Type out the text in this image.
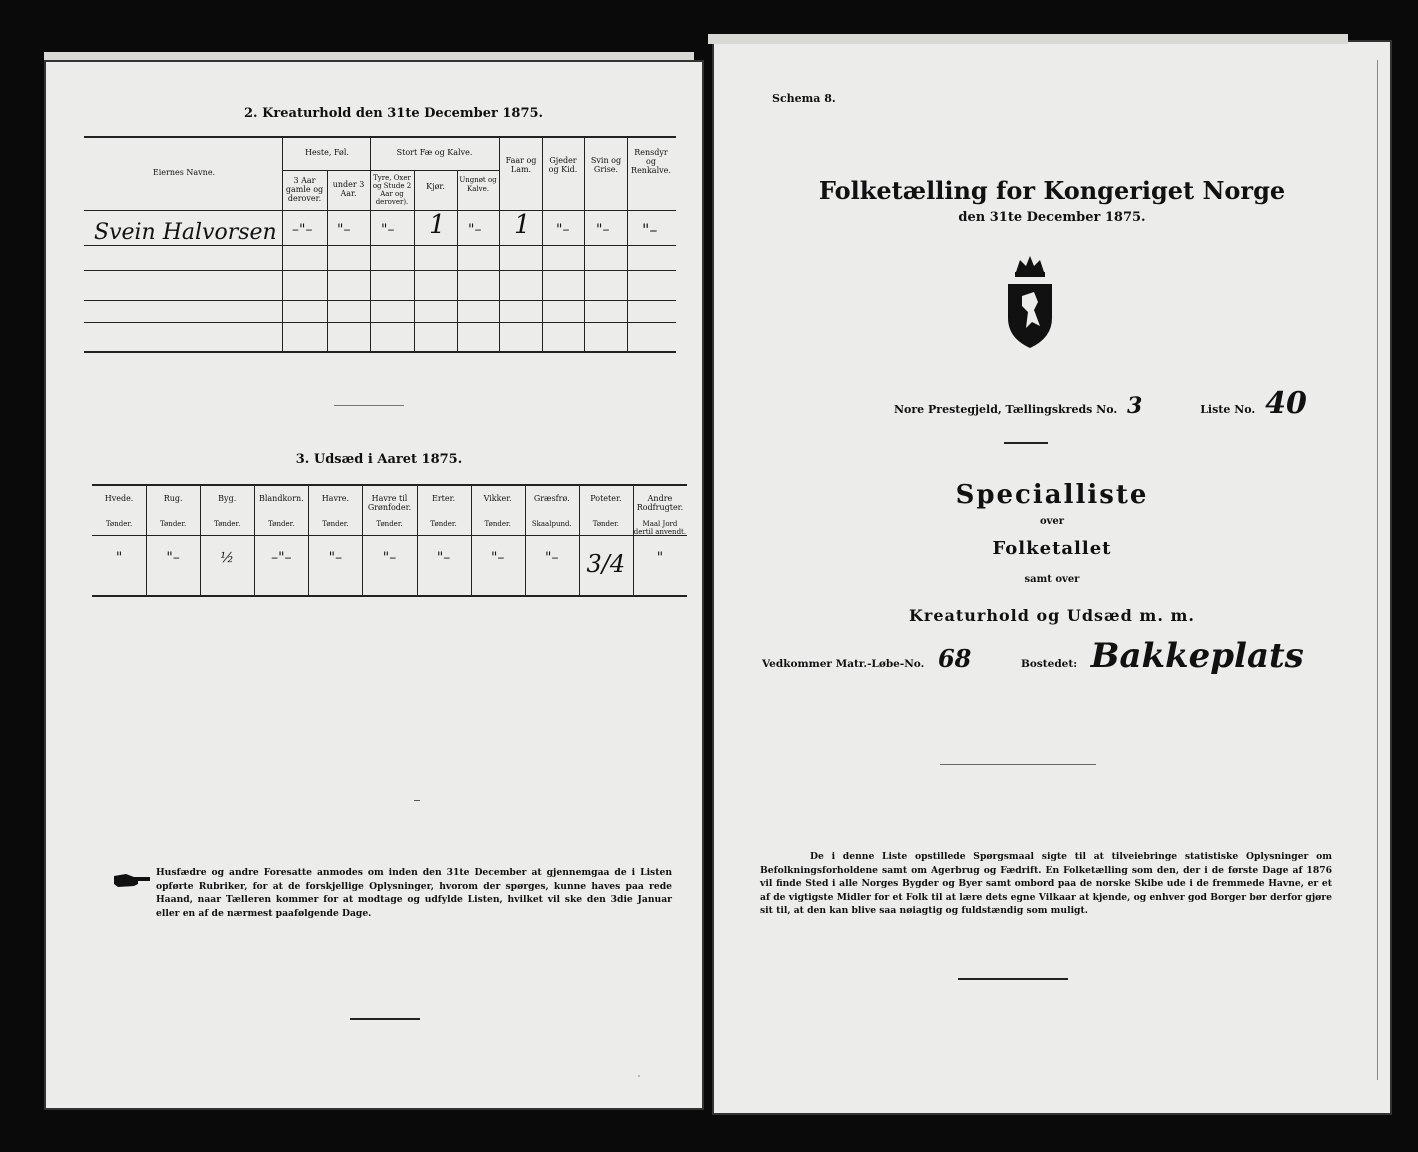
2. Kreaturhold den 31te December 1875.
Eiernes Navne.
Heste, Føl.
3 Aar gamle og derover.
under 3 Aar.
Stort Fæ og Kalve.
Tyre, Oxer og Stude 2 Aar og derover).
Kjør.
Ungnøt og Kalve.
Faar og Lam.
Gjeder og Kid.
Svin og Grise.
Rensdyr og Renkalve.
Svein Halvorsen –"– "– "– 1 "– 1 "– "– "–
3. Udsæd i Aaret 1875.
Hvede.
Tønder.
"
Rug.
Tønder.
"–
Byg.
Tønder.
½
Blandkorn.
Tønder.
–"–
Havre.
Tønder.
"–
Havre til Grønfoder.
Tønder.
"–
Erter.
Tønder.
"–
Vikker.
Tønder.
"–
Græsfrø.
Skaalpund.
"–
Poteter.
Tønder.
3/4
Andre Rodfrugter.
Maal Jord dertil anvendt.
"
Husfædre og andre Foresatte anmodes om inden den 31te December at gjennemgaa de i Listen opførte Rubriker, for at de forskjellige Oplysninger, hvorom der spørges, kunne haves paa rede Haand, naar Tælleren kommer for at modtage og udfylde Listen, hvilket vil ske den 3die Januar eller en af de nærmest paafølgende Dage.
·
Schema 8.
Folketælling for Kongeriget Norge
den 31te December 1875.
Nore Prestegjeld, Tællingskreds No. 3	Liste No. 40
Specialliste
over
Folketallet
samt over
Kreaturhold og Udsæd m. m.
Vedkommer Matr.-Løbe-No. 68	Bostedet: Bakkeplats
De i denne Liste opstillede Spørgsmaal sigte til at tilveiebringe statistiske Oplysninger om Befolkningsforholdene samt om Agerbrug og Fædrift. En Folketælling som den, der i de første Dage af 1876 vil finde Sted i alle Norges Bygder og Byer samt ombord paa de norske Skibe ude i de fremmede Havne, er et af de vigtigste Midler for et Folk til at lære dets egne Vilkaar at kjende, og enhver god Borger bør derfor gjøre sit til, at den kan blive saa nøiagtig og fuldstændig som muligt.
